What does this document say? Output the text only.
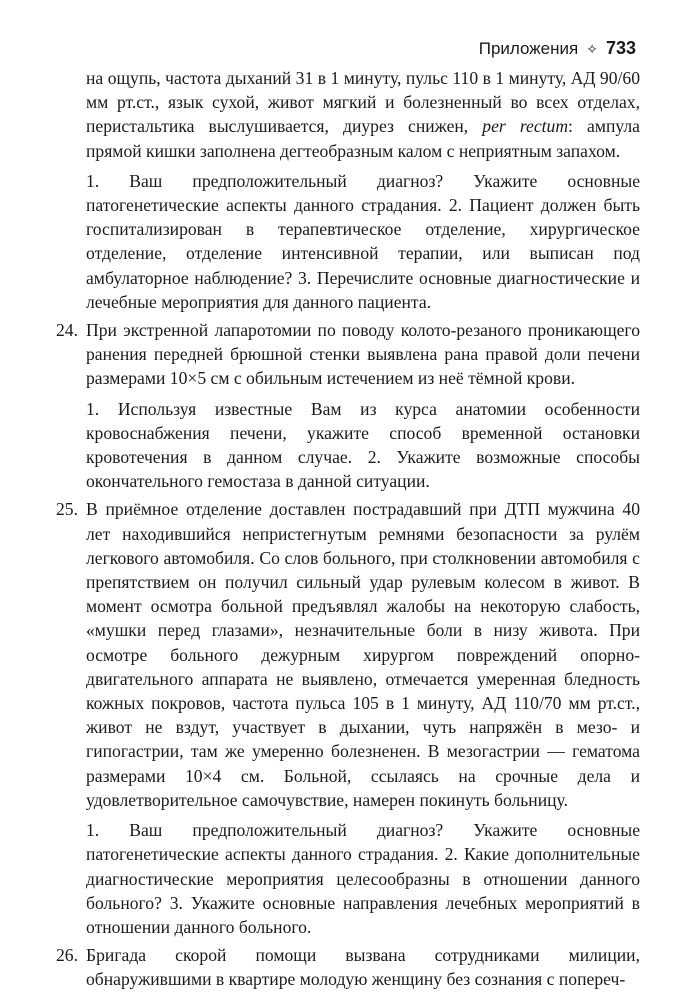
Приложения ✧ 733

на ощупь, частота дыханий 31 в 1 минуту, пульс 110 в 1 минуту, АД 90/60 мм рт.ст., язык сухой, живот мягкий и болезненный во всех отделах, перистальтика выслушивается, диурез снижен, per rectum: ампула прямой кишки заполнена дегтеобразным калом с неприятным запахом.

1. Ваш предположительный диагноз? Укажите основные патогенетические аспекты данного страдания. 2. Пациент должен быть госпитализирован в терапевтическое отделение, хирургическое отделение, отделение интенсивной терапии, или выписан под амбулаторное наблюдение? 3. Перечислите основные диагностические и лечебные мероприятия для данного пациента.

24. При экстренной лапаротомии по поводу колото-резаного проникающего ранения передней брюшной стенки выявлена рана правой доли печени размерами 10×5 см с обильным истечением из неё тёмной крови.

1. Используя известные Вам из курса анатомии особенности кровоснабжения печени, укажите способ временной остановки кровотечения в данном случае. 2. Укажите возможные способы окончательного гемостаза в данной ситуации.

25. В приёмное отделение доставлен пострадавший при ДТП мужчина 40 лет находившийся непристегнутым ремнями безопасности за рулём легкового автомобиля. Со слов больного, при столкновении автомобиля с препятствием он получил сильный удар рулевым колесом в живот. В момент осмотра больной предъявлял жалобы на некоторую слабость, «мушки перед глазами», незначительные боли в низу живота. При осмотре больного дежурным хирургом повреждений опорно-двигательного аппарата не выявлено, отмечается умеренная бледность кожных покровов, частота пульса 105 в 1 минуту, АД 110/70 мм рт.ст., живот не вздут, участвует в дыхании, чуть напряжён в мезо- и гипогастрии, там же умеренно болезненен. В мезогастрии — гематома размерами 10×4 см. Больной, ссылаясь на срочные дела и удовлетворительное самочувствие, намерен покинуть больницу.

1. Ваш предположительный диагноз? Укажите основные патогенетические аспекты данного страдания. 2. Какие дополнительные диагностические мероприятия целесообразны в отношении данного больного? 3. Укажите основные направления лечебных мероприятий в отношении данного больного.

26. Бригада скорой помощи вызвана сотрудниками милиции, обнаружившими в квартире молодую женщину без сознания с попереч-
